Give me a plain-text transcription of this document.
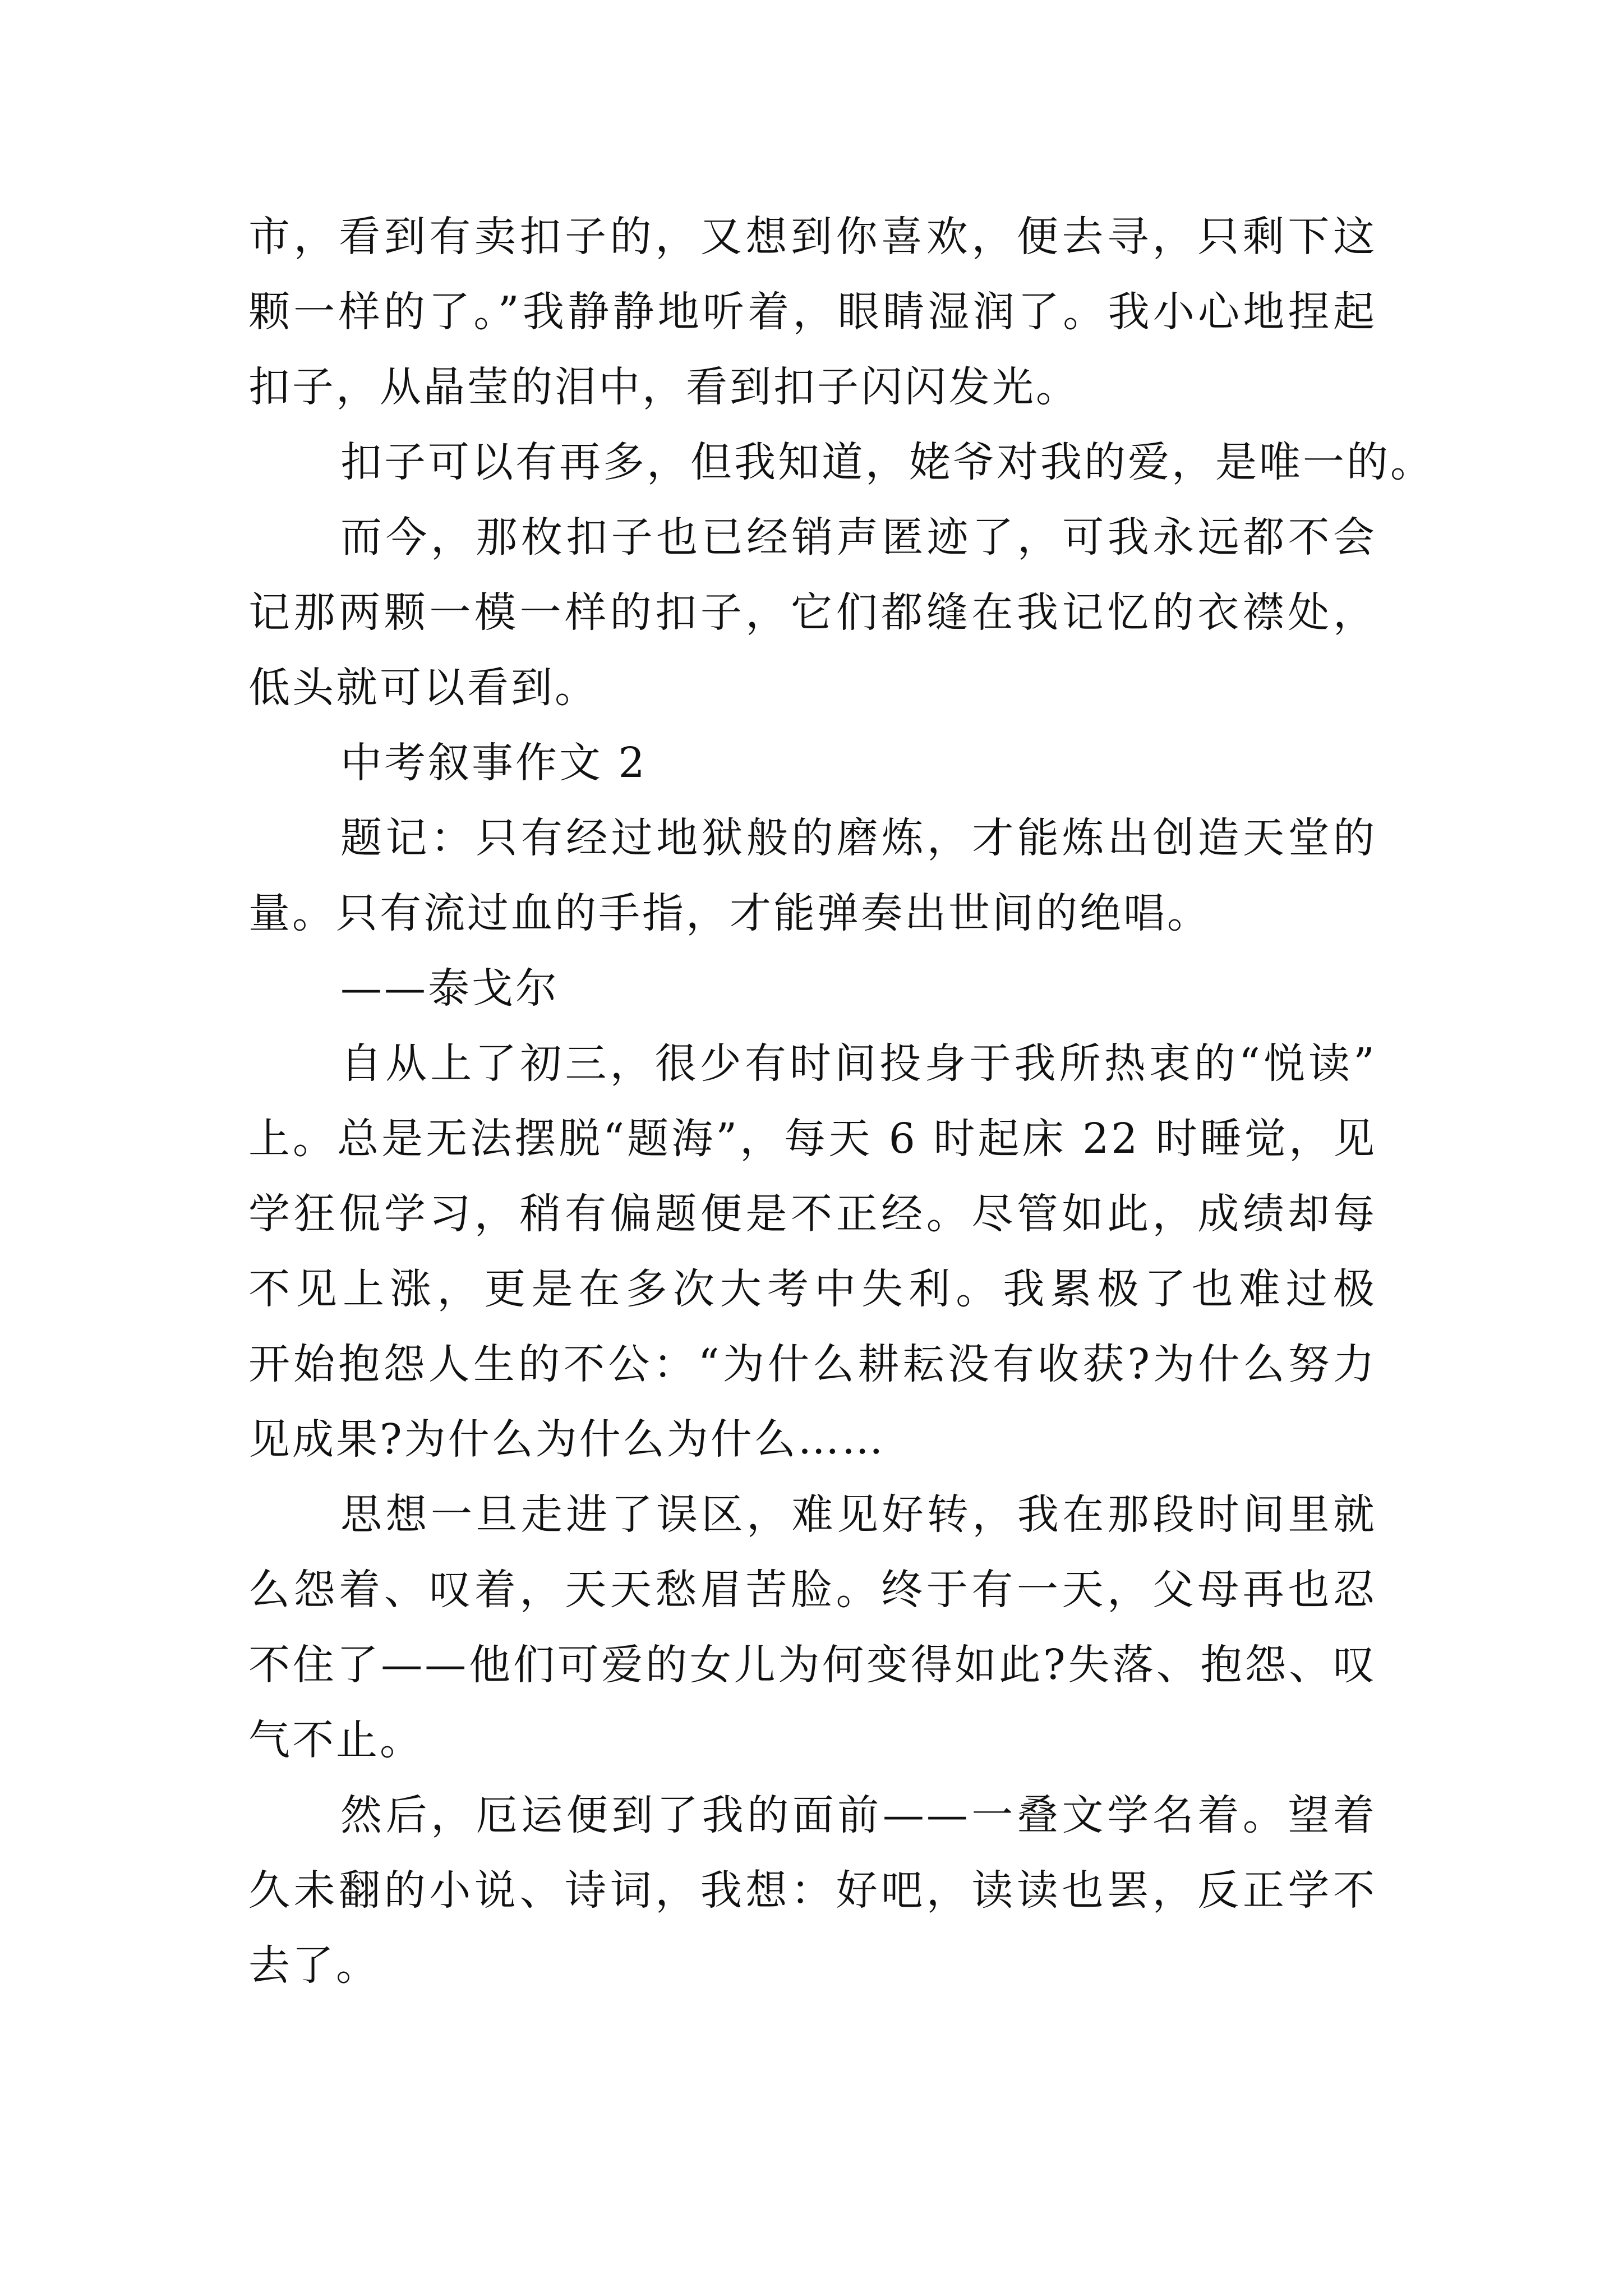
市，看到有卖扣子的，又想到你喜欢，便去寻，只剩下这
颗一样的了。”我静静地听着，眼睛湿润了。我小心地捏起
扣子，从晶莹的泪中，看到扣子闪闪发光。
扣子可以有再多，但我知道，姥爷对我的爱，是唯一的。
而今，那枚扣子也已经销声匿迹了，可我永远都不会
记那两颗一模一样的扣子，它们都缝在我记忆的衣襟处，
低头就可以看到。
中考叙事作文 2
题记：只有经过地狱般的磨炼，才能炼出创造天堂的
量。只有流过血的手指，才能弹奏出世间的绝唱。
——泰戈尔
自从上了初三，很少有时间投身于我所热衷的“悦读”
上。总是无法摆脱“题海”，每天 6 时起床 22 时睡觉，见
学狂侃学习，稍有偏题便是不正经。尽管如此，成绩却每
不见上涨，更是在多次大考中失利。我累极了也难过极
开始抱怨人生的不公：“为什么耕耘没有收获?为什么努力
见成果?为什么为什么为什么……
思想一旦走进了误区，难见好转，我在那段时间里就
么怨着、叹着，天天愁眉苦脸。终于有一天，父母再也忍
不住了——他们可爱的女儿为何变得如此?失落、抱怨、叹
气不止。
然后，厄运便到了我的面前——一叠文学名着。望着
久未翻的小说、诗词，我想：好吧，读读也罢，反正学不
去了。
